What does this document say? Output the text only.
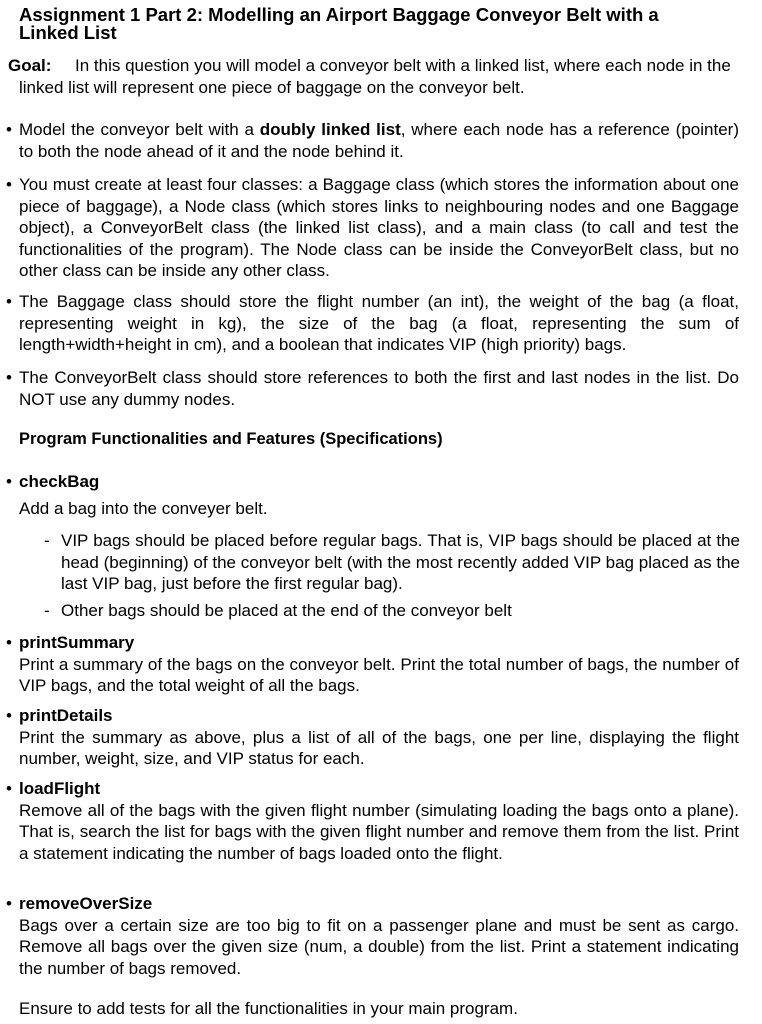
Assignment 1 Part 2: Modelling an Airport Baggage Conveyor Belt with a Linked List
Goal:	In this question you will model a conveyor belt with a linked list, where each node in the linked list will represent one piece of baggage on the conveyor belt.
• Model the conveyor belt with a doubly linked list, where each node has a reference (pointer) to both the node ahead of it and the node behind it.
• You must create at least four classes: a Baggage class (which stores the information about one piece of baggage), a Node class (which stores links to neighbouring nodes and one Baggage object), a ConveyorBelt class (the linked list class), and a main class (to call and test the functionalities of the program). The Node class can be inside the ConveyorBelt class, but no other class can be inside any other class.
• The Baggage class should store the flight number (an int), the weight of the bag (a float, representing weight in kg), the size of the bag (a float, representing the sum of length+width+height in cm), and a boolean that indicates VIP (high priority) bags.
• The ConveyorBelt class should store references to both the first and last nodes in the list. Do NOT use any dummy nodes.
Program Functionalities and Features (Specifications)
• checkBag
Add a bag into the conveyer belt.
- VIP bags should be placed before regular bags. That is, VIP bags should be placed at the head (beginning) of the conveyor belt (with the most recently added VIP bag placed as the last VIP bag, just before the first regular bag).
- Other bags should be placed at the end of the conveyor belt
• printSummary
Print a summary of the bags on the conveyor belt. Print the total number of bags, the number of VIP bags, and the total weight of all the bags.
• printDetails
Print the summary as above, plus a list of all of the bags, one per line, displaying the flight number, weight, size, and VIP status for each.
• loadFlight
Remove all of the bags with the given flight number (simulating loading the bags onto a plane). That is, search the list for bags with the given flight number and remove them from the list. Print a statement indicating the number of bags loaded onto the flight.
• removeOverSize
Bags over a certain size are too big to fit on a passenger plane and must be sent as cargo. Remove all bags over the given size (num, a double) from the list. Print a statement indicating the number of bags removed.
Ensure to add tests for all the functionalities in your main program.
